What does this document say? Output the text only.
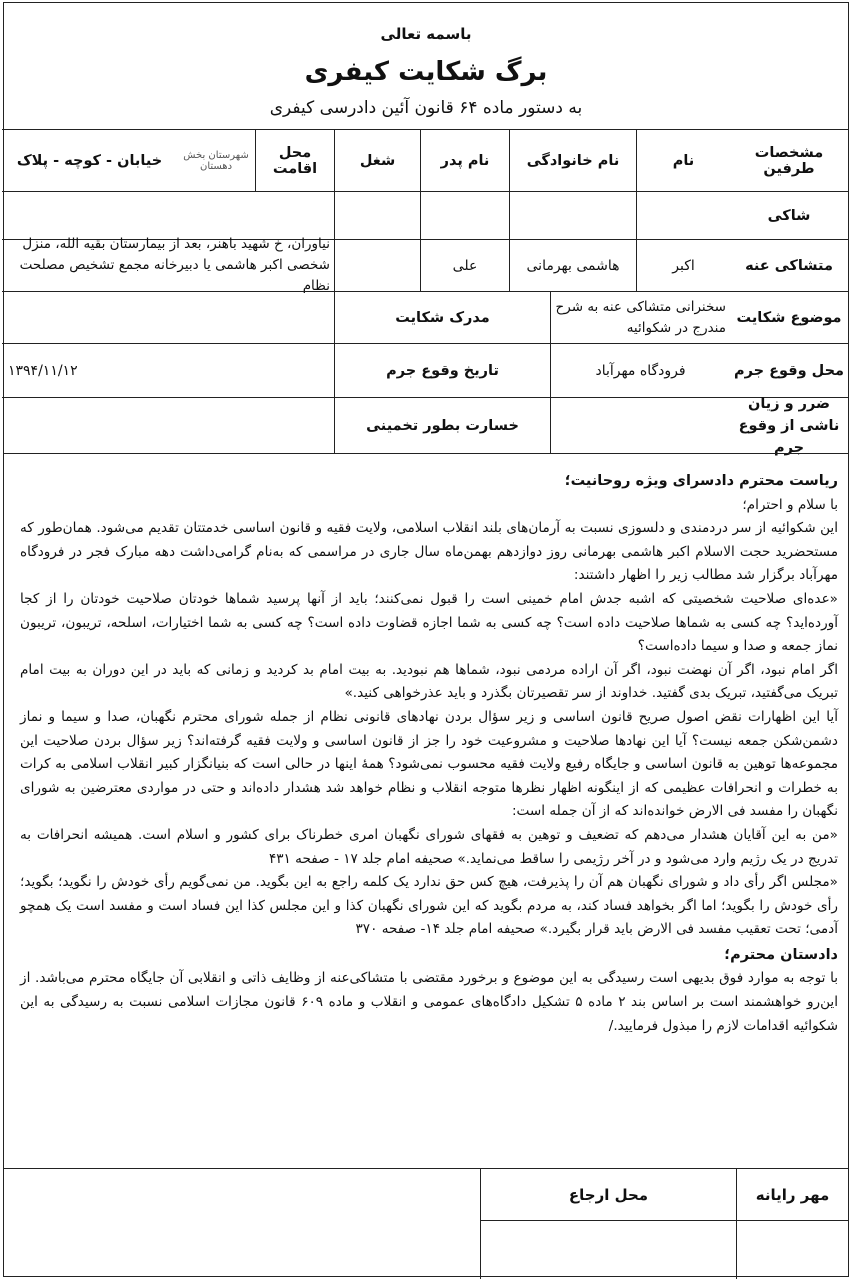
باسمه تعالی
برگ شکایت کیفری
به دستور ماده ۶۴ قانون آئین دادرسی کیفری
مشخصات طرفین
نام
نام خانوادگی
نام پدر
شغل
محل اقامت
شهرستان بخش دهستان
خیابان - کوچه - پلاک
شاکی
متشاکی عنه
اکبر
هاشمی بهرمانی
علی
نیاوران، خ شهید باهنر، بعد از بیمارستان بقیه الله، منزل شخصی اکبر هاشمی یا دبیرخانه مجمع تشخیص مصلحت نظام
موضوع شکایت
سخنرانی متشاکی عنه به شرح مندرج در شکوائیه
مدرک شکایت
محل وقوع جرم
فرودگاه مهرآباد
تاریخ وقوع جرم
۱۳۹۴/۱۱/۱۲
ضرر و زیان ناشی از وقوع جرم
خسارت بطور تخمینی

ریاست محترم دادسرای ویژه روحانیت؛

با سلام و احترام؛

این شکوائیه از سر دردمندی و دلسوزی نسبت به آرمان‌های بلند انقلاب اسلامی، ولایت فقیه و قانون اساسی خدمتتان تقدیم می‌شود. همان‌طور که مستحضرید حجت الاسلام اکبر هاشمی بهرمانی روز دوازدهم بهمن‌ماه سال جاری در مراسمی که به‌نام گرامی‌داشت دهه مبارک فجر در فرودگاه مهرآباد برگزار شد مطالب زیر را اظهار داشتند:

«عده‌ای صلاحیت شخصیتی که اشبه جدش امام خمینی است را قبول نمی‌کنند؛ باید از آنها پرسید شماها خودتان صلاحیت خودتان را از کجا آورده‌اید؟ چه کسی به شماها صلاحیت داده است؟ چه کسی به شما اجازه قضاوت داده است؟ چه کسی به شما اختیارات، اسلحه، تریبون، تریبون نماز جمعه و صدا و سیما داده‌است؟

اگر امام نبود، اگر آن نهضت نبود، اگر آن اراده مردمی نبود، شماها هم نبودید. به بیت امام بد کردید و زمانی که باید در این دوران به بیت امام تبریک می‌گفتید، تبریک بدی گفتید. خداوند از سر تقصیرتان بگذرد و باید عذرخواهی کنید.»

آیا این اظهارات نقض اصول صریح قانون اساسی و زیر سؤال بردن نهادهای قانونی نظام از جمله شورای محترم نگهبان، صدا و سیما و نماز دشمن‌شکن جمعه نیست؟ آیا این نهادها صلاحیت و مشروعیت خود را جز از قانون اساسی و ولایت فقیه گرفته‌اند؟ زیر سؤال بردن صلاحیت این مجموعه‌ها توهین به قانون اساسی و جایگاه رفیع ولایت فقیه محسوب نمی‌شود؟ همهٔ اینها در حالی است که بنیانگزار کبیر انقلاب اسلامی به کرات به خطرات و انحرافات عظیمی که از اینگونه اظهار نظرها متوجه انقلاب و نظام خواهد شد هشدار داده‌اند و حتی در مواردی معترضین به شورای نگهبان را مفسد فی الارض خوانده‌اند که از آن جمله است:

«من به این آقایان هشدار می‌دهم که تضعیف و توهین به فقهای شورای نگهبان امری خطرناک برای کشور و اسلام است. همیشه انحرافات به تدریج در یک رژیم وارد می‌شود و در آخر رژیمی را ساقط می‌نماید.» صحیفه امام جلد ۱۷ - صفحه ۴۳۱

«مجلس اگر رأی داد و شورای نگهبان هم آن را پذیرفت، هیچ کس حق ندارد یک کلمه راجع به این بگوید. من نمی‌گویم رأی خودش را نگوید؛ بگوید؛ رأی خودش را بگوید؛ اما اگر بخواهد فساد کند، به مردم بگوید که این شورای نگهبان کذا و این مجلس کذا این فساد است و مفسد است یک همچو آدمی؛ تحت تعقیب مفسد فی الارض باید قرار بگیرد.» صحیفه امام جلد ۱۴- صفحه ۳۷۰

دادستان محترم؛

با توجه به موارد فوق بدیهی است رسیدگی به این موضوع و برخورد مقتضی با متشاکی‌عنه از وظایف ذاتی و انقلابی آن جایگاه محترم می‌باشد. از این‌رو خواهشمند است بر اساس بند ۲ ماده ۵ تشکیل دادگاه‌های عمومی و انقلاب و ماده ۶۰۹ قانون مجازات اسلامی نسبت به رسیدگی به این شکوائیه اقدامات لازم را مبذول فرمایید./

مهر رایانه
محل ارجاع
